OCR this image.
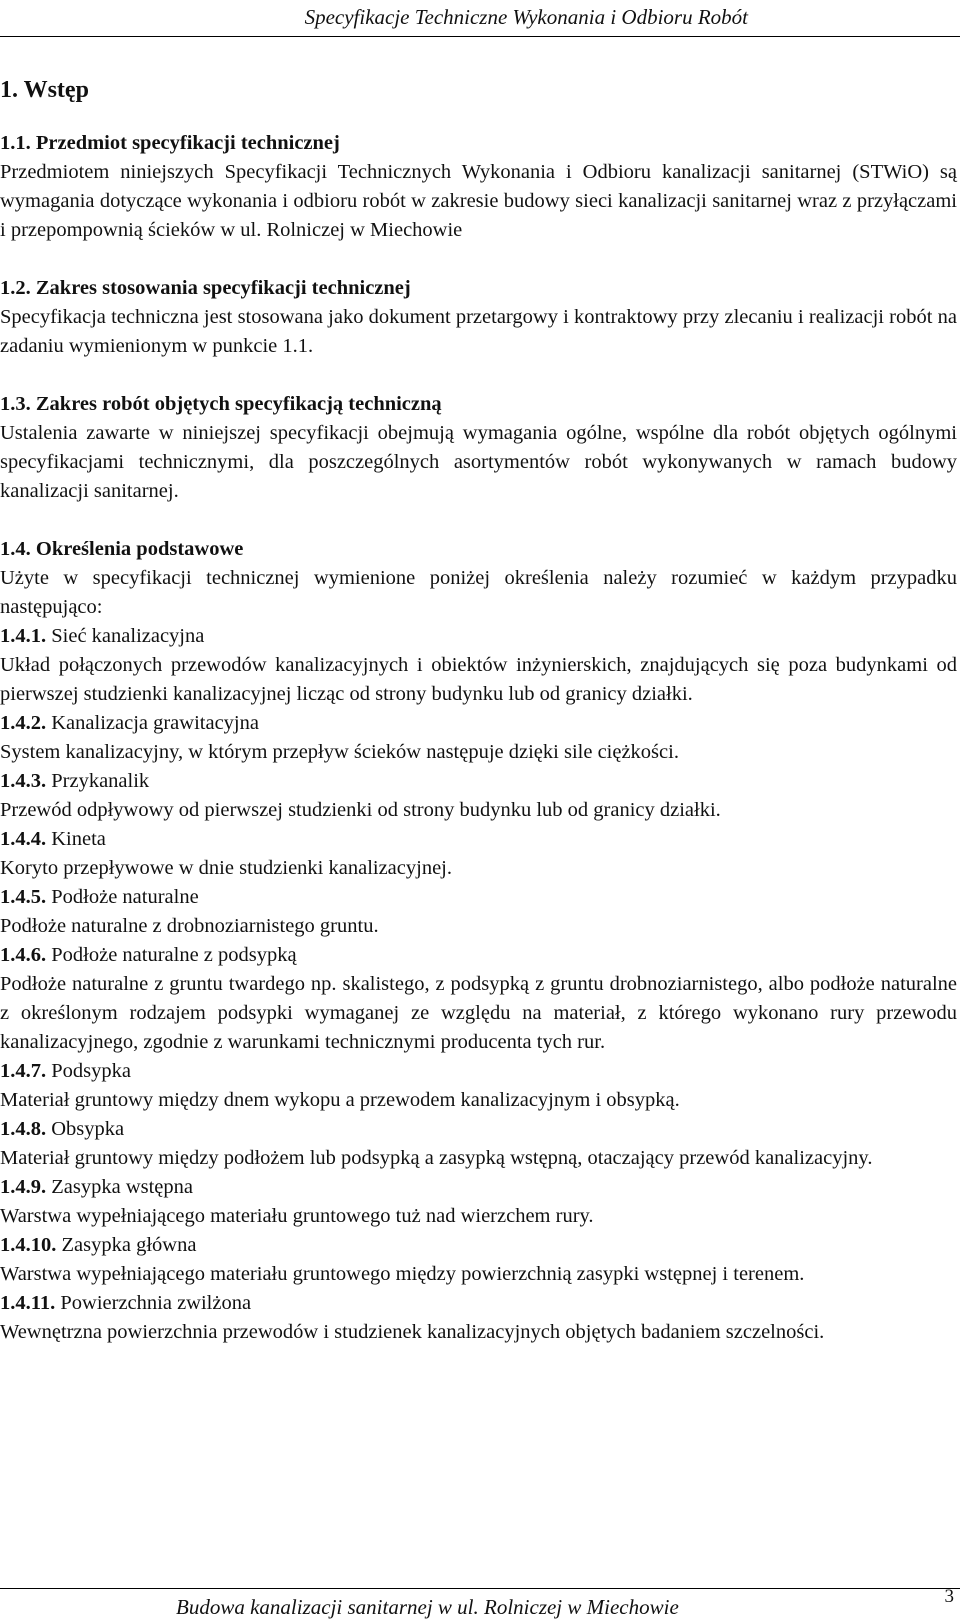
Specyfikacje Techniczne Wykonania i Odbioru Robót
1. Wstęp
1.1. Przedmiot specyfikacji technicznej

Przedmiotem niniejszych Specyfikacji Technicznych Wykonania i Odbioru kanalizacji sanitarnej (STWiO) są wymagania dotyczące wykonania i odbioru robót w zakresie budowy sieci kanalizacji sanitarnej wraz z przyłączami i przepompownią ścieków w ul. Rolniczej w Miechowie

1.2. Zakres stosowania specyfikacji technicznej

Specyfikacja techniczna jest stosowana jako dokument przetargowy i kontraktowy przy zlecaniu i realizacji robót na zadaniu wymienionym w punkcie 1.1.

1.3. Zakres robót objętych specyfikacją techniczną

Ustalenia zawarte w niniejszej specyfikacji obejmują wymagania ogólne, wspólne dla robót objętych ogólnymi specyfikacjami technicznymi, dla poszczególnych asortymentów robót wykonywanych w ramach budowy kanalizacji sanitarnej.

1.4. Określenia podstawowe

Użyte w specyfikacji technicznej wymienione poniżej określenia należy rozumieć w każdym przypadku następująco:

1.4.1. Sieć kanalizacyjna

Układ połączonych przewodów kanalizacyjnych i obiektów inżynierskich, znajdujących się poza budynkami od pierwszej studzienki kanalizacyjnej licząc od strony budynku lub od granicy działki.

1.4.2. Kanalizacja grawitacyjna

System kanalizacyjny, w którym przepływ ścieków następuje dzięki sile ciężkości.

1.4.3. Przykanalik

Przewód odpływowy od pierwszej studzienki od strony budynku lub od granicy działki.

1.4.4. Kineta

Koryto przepływowe w dnie studzienki kanalizacyjnej.

1.4.5. Podłoże naturalne

Podłoże naturalne z drobnoziarnistego gruntu.

1.4.6. Podłoże naturalne z podsypką

Podłoże naturalne z gruntu twardego np. skalistego, z podsypką z gruntu drobnoziarnistego, albo podłoże naturalne z określonym rodzajem podsypki wymaganej ze względu na materiał, z którego wykonano rury przewodu kanalizacyjnego, zgodnie z warunkami technicznymi producenta tych rur.

1.4.7. Podsypka

Materiał gruntowy między dnem wykopu a przewodem kanalizacyjnym i obsypką.

1.4.8. Obsypka

Materiał gruntowy między podłożem lub podsypką a zasypką wstępną, otaczający przewód kanalizacyjny.

1.4.9. Zasypka wstępna

Warstwa wypełniającego materiału gruntowego tuż nad wierzchem rury.

1.4.10. Zasypka główna

Warstwa wypełniającego materiału gruntowego między powierzchnią zasypki wstępnej i terenem.

1.4.11. Powierzchnia zwilżona

Wewnętrzna powierzchnia przewodów i studzienek kanalizacyjnych objętych badaniem szczelności.

Budowa kanalizacji sanitarnej w ul. Rolniczej w Miechowie	3
